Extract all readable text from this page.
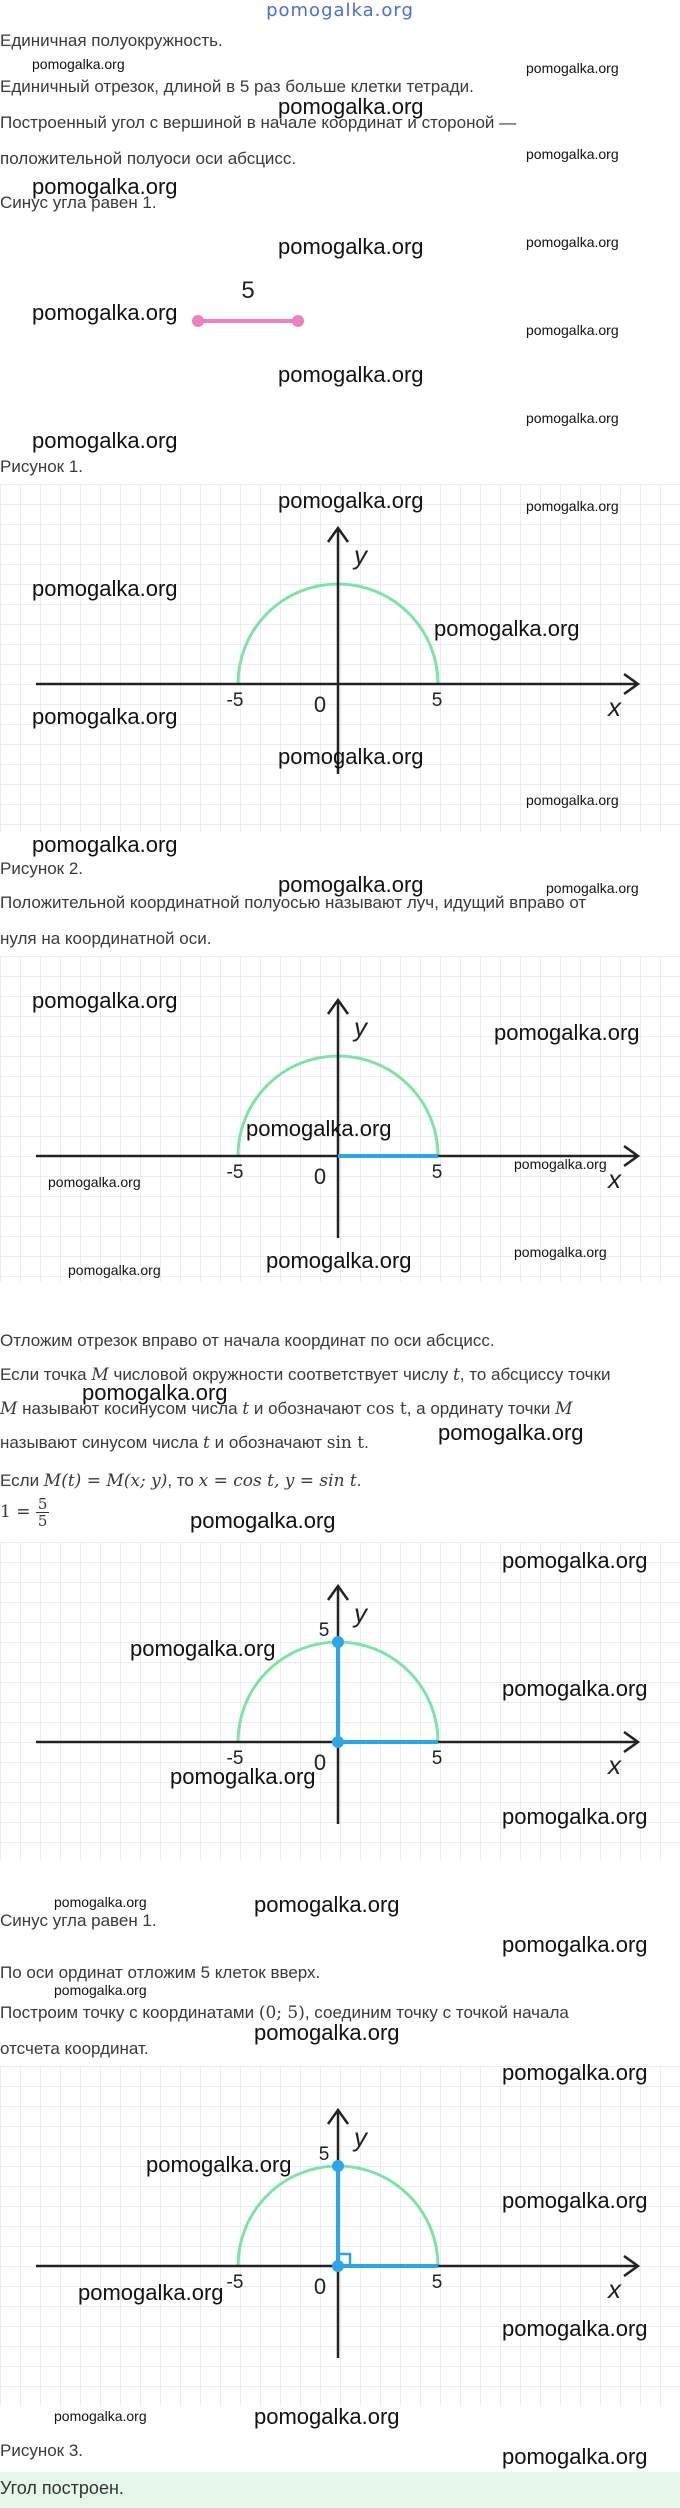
pomogalka.org
Единичная полуокружность.
Единичный отрезок, длиной в 5 раз больше клетки тетради.
Построенный угол с вершиной в начале координат и стороной —
положительной полуоси оси абсцисс.
Синус угла равен 1.
5
Рисунок 1.
y
x
-5	0	5
Рисунок 2.
Положительной координатной полуосью называют луч, идущий вправо от
нуля на координатной оси.
y
x
-5	0	5
Отложим отрезок вправо от начала координат по оси абсцисс.
Если точка M числовой окружности соответствует числу t, то абсциссу точки
M называют косинусом числа t и обозначают cos t, а ординату точки M
называют синусом числа t и обозначают sin t.
Если M(t) = M(x; y), то x = cos t, y = sin t.
$1 = \frac{5}{5}$
y
x
5
-5	0	5
Синус угла равен 1.
По оси ординат отложим 5 клеток вверх.
Построим точку с координатами (0; 5), соединим точку с точкой начала
отсчета координат.
y
x
5
-5	0	5
Рисунок 3.
Угол построен.
pomogalka.org	pomogalka.org
pomogalka.org
pomogalka.org
pomogalka.org
pomogalka.org	pomogalka.org
pomogalka.org
pomogalka.org
pomogalka.org
pomogalka.org
pomogalka.org
pomogalka.org	pomogalka.org
pomogalka.org
pomogalka.org
pomogalka.org
pomogalka.org
pomogalka.org
pomogalka.org
pomogalka.org	pomogalka.org
pomogalka.org
pomogalka.org
pomogalka.org
pomogalka.org
pomogalka.org
pomogalka.org	pomogalka.org
pomogalka.org
pomogalka.org
pomogalka.org
pomogalka.org
pomogalka.org
pomogalka.org
pomogalka.org
pomogalka.org
pomogalka.org
pomogalka.org	pomogalka.org
pomogalka.org
pomogalka.org
pomogalka.org
pomogalka.org
pomogalka.org
pomogalka.org
pomogalka.org
pomogalka.org
pomogalka.org	pomogalka.org
pomogalka.org
